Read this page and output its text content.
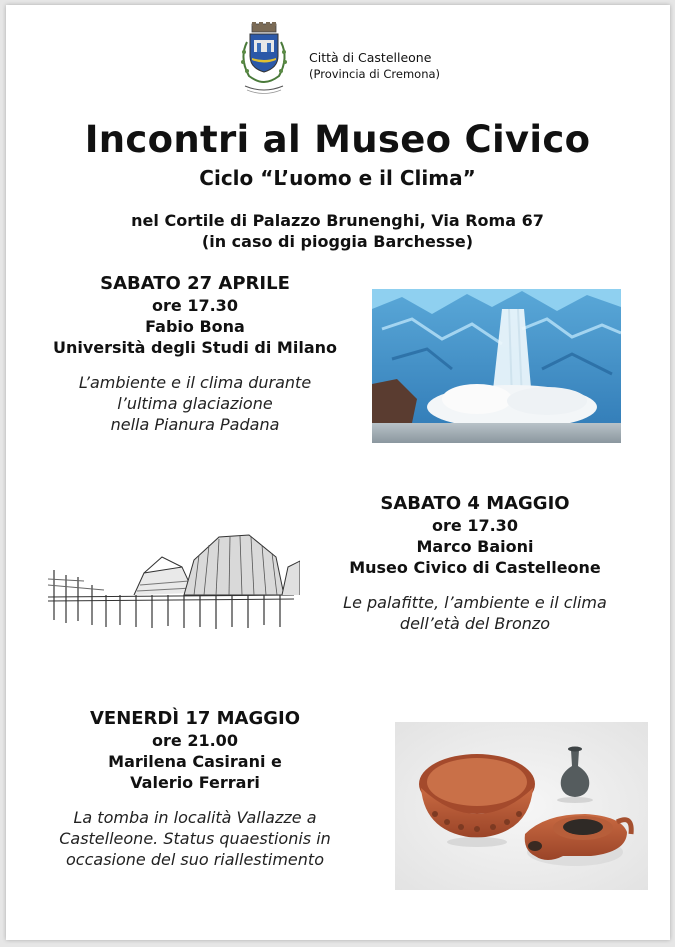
Città di Castelleone
(Provincia di Cremona)
Incontri al Museo Civico
Ciclo “L’uomo e il Clima”
nel Cortile di Palazzo Brunenghi, Via Roma 67
(in caso di pioggia Barchesse)
SABATO 27 APRILE
ore 17.30
Fabio Bona
Università degli Studi di Milano
L’ambiente e il clima durante
l’ultima glaciazione
nella Pianura Padana
SABATO 4 MAGGIO
ore 17.30
Marco Baioni
Museo Civico di Castelleone
Le palafitte, l’ambiente e il clima
dell’età del Bronzo
VENERDÌ 17 MAGGIO
ore 21.00
Marilena Casirani e
Valerio Ferrari
La tomba in località Vallazze a
Castelleone. Status quaestionis in
occasione del suo riallestimento
